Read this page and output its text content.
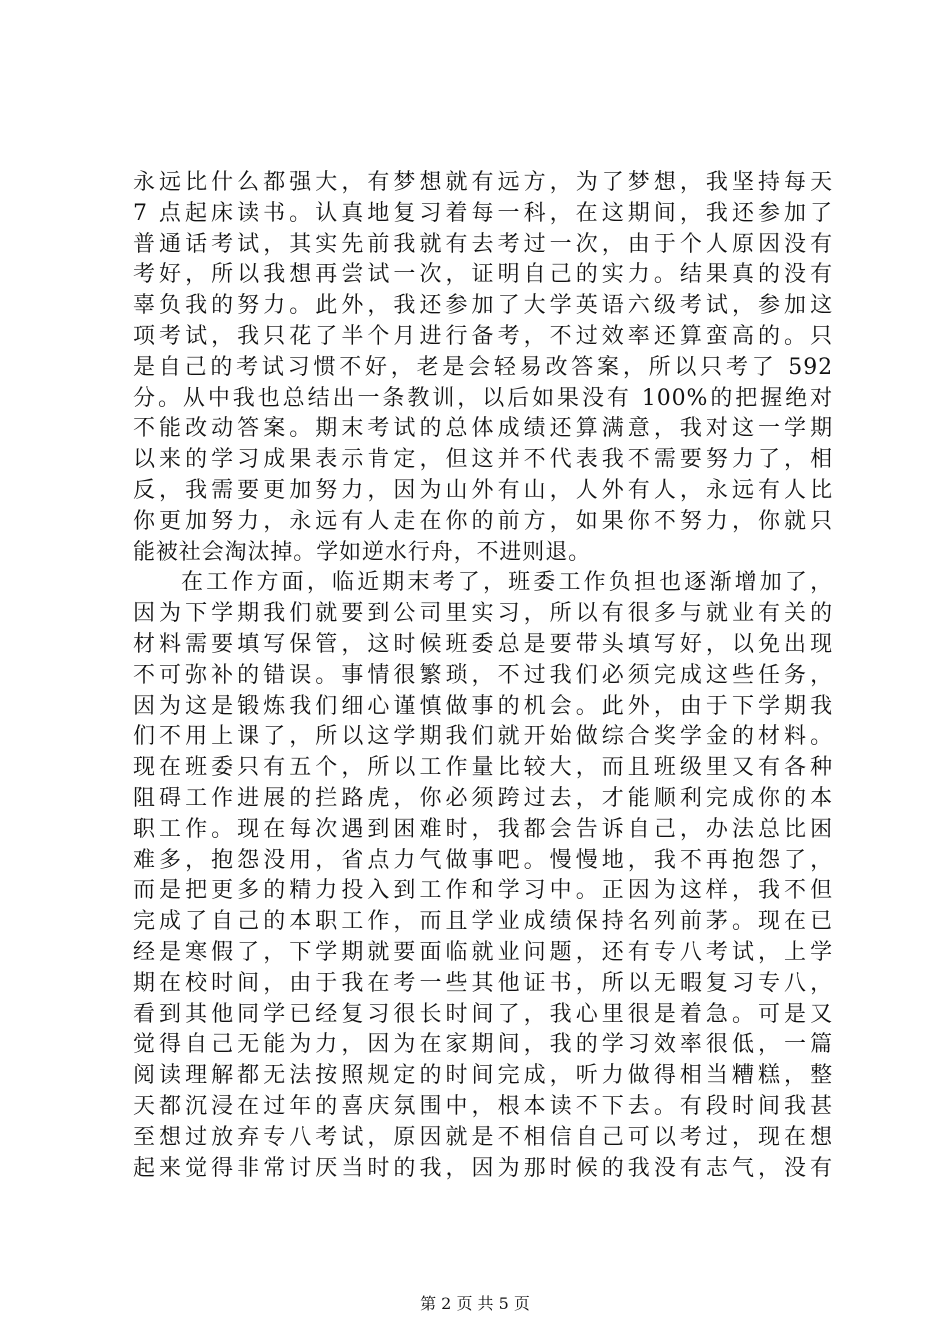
永远比什么都强大，有梦想就有远方，为了梦想，我坚持每天
7 点起床读书。认真地复习着每一科，在这期间，我还参加了
普通话考试，其实先前我就有去考过一次，由于个人原因没有
考好，所以我想再尝试一次，证明自己的实力。结果真的没有
辜负我的努力。此外，我还参加了大学英语六级考试，参加这
项考试，我只花了半个月进行备考，不过效率还算蛮高的。只
是自己的考试习惯不好，老是会轻易改答案，所以只考了 592
分。从中我也总结出一条教训，以后如果没有 100%的把握绝对
不能改动答案。期末考试的总体成绩还算满意，我对这一学期
以来的学习成果表示肯定，但这并不代表我不需要努力了，相
反，我需要更加努力，因为山外有山，人外有人，永远有人比
你更加努力，永远有人走在你的前方，如果你不努力，你就只
能被社会淘汰掉。学如逆水行舟，不进则退。
在工作方面，临近期末考了，班委工作负担也逐渐增加了，
因为下学期我们就要到公司里实习，所以有很多与就业有关的
材料需要填写保管，这时候班委总是要带头填写好，以免出现
不可弥补的错误。事情很繁琐，不过我们必须完成这些任务，
因为这是锻炼我们细心谨慎做事的机会。此外，由于下学期我
们不用上课了，所以这学期我们就开始做综合奖学金的材料。
现在班委只有五个，所以工作量比较大，而且班级里又有各种
阻碍工作进展的拦路虎，你必须跨过去，才能顺利完成你的本
职工作。现在每次遇到困难时，我都会告诉自己，办法总比困
难多，抱怨没用，省点力气做事吧。慢慢地，我不再抱怨了，
而是把更多的精力投入到工作和学习中。正因为这样，我不但
完成了自己的本职工作，而且学业成绩保持名列前茅。现在已
经是寒假了，下学期就要面临就业问题，还有专八考试，上学
期在校时间，由于我在考一些其他证书，所以无暇复习专八，
看到其他同学已经复习很长时间了，我心里很是着急。可是又
觉得自己无能为力，因为在家期间，我的学习效率很低，一篇
阅读理解都无法按照规定的时间完成，听力做得相当糟糕，整
天都沉浸在过年的喜庆氛围中，根本读不下去。有段时间我甚
至想过放弃专八考试，原因就是不相信自己可以考过，现在想
起来觉得非常讨厌当时的我，因为那时候的我没有志气，没有
第 2 页 共 5 页
